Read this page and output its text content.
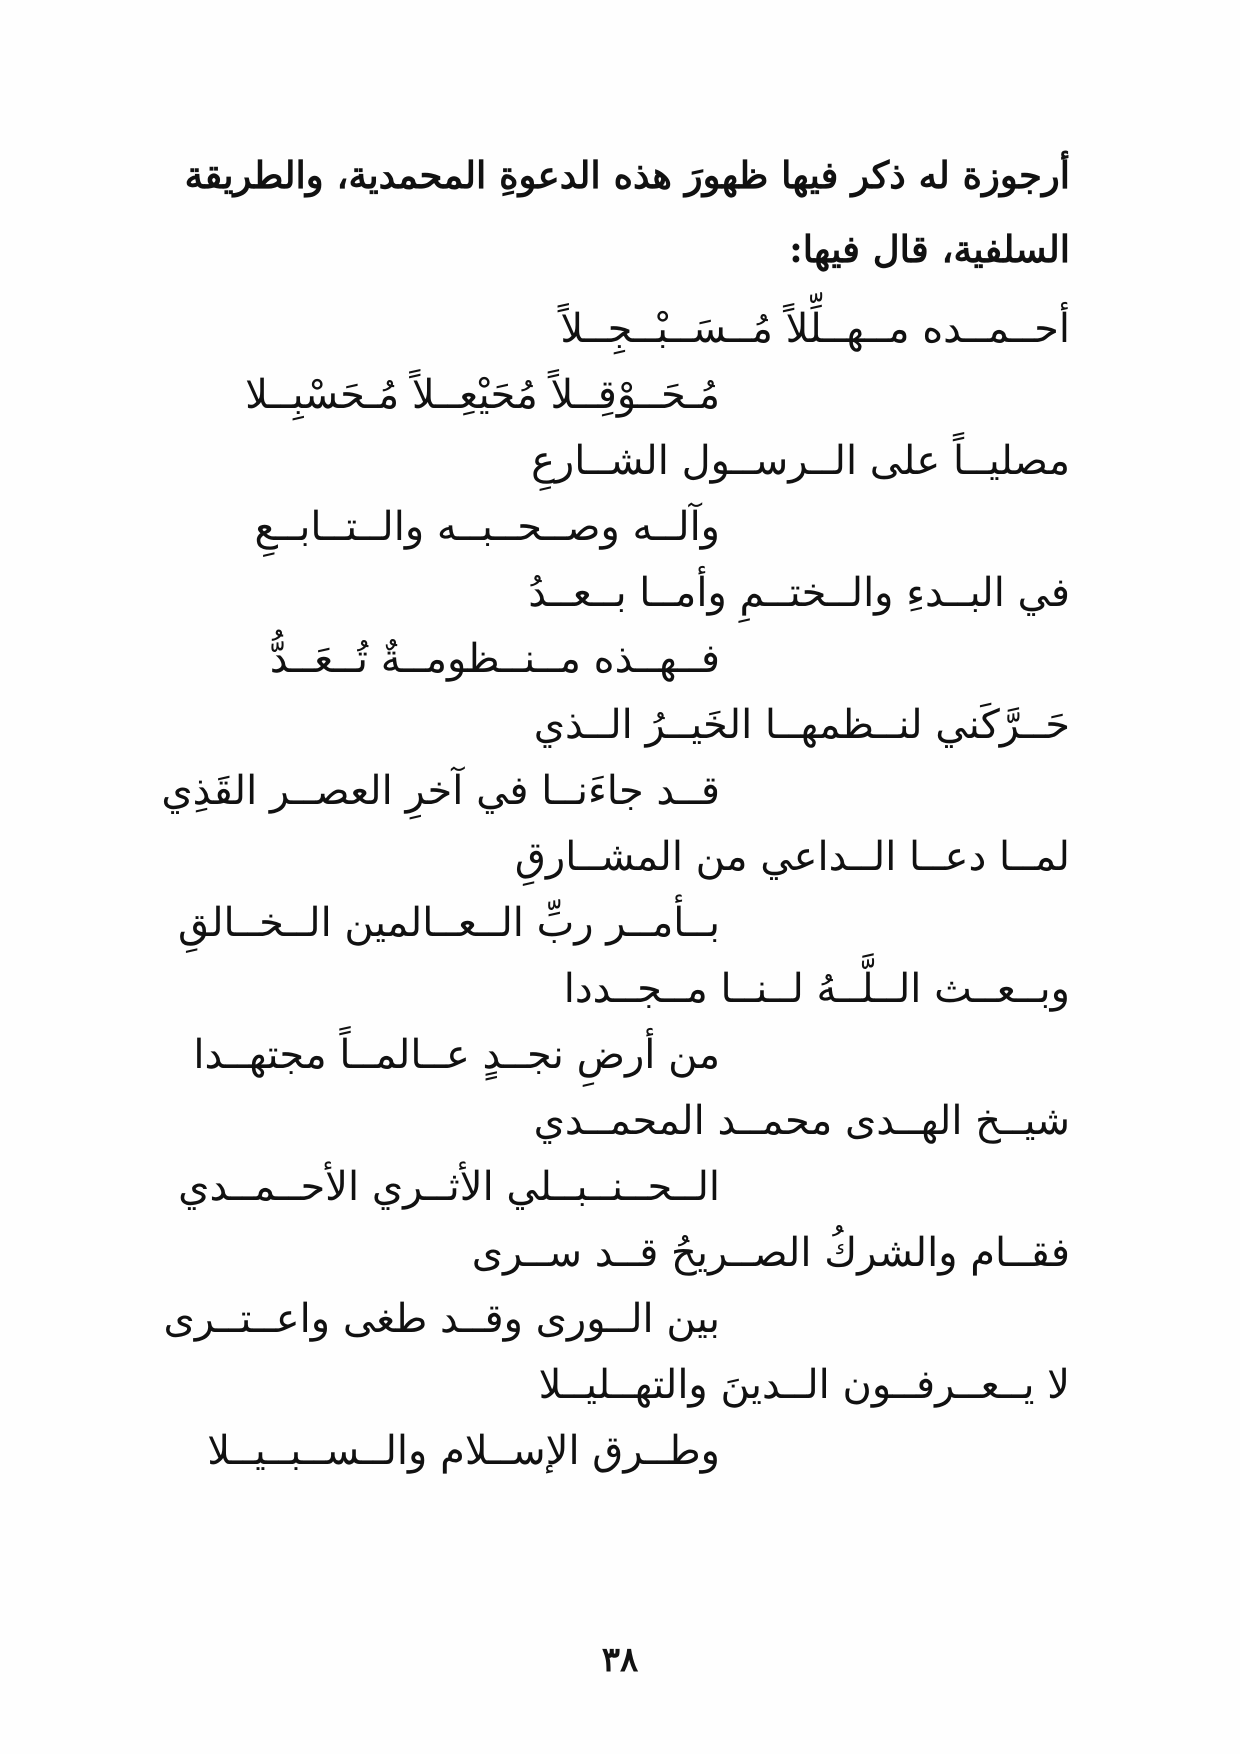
أرجوزة له ذكر فيها ظهورَ هذه الدعوةِ المحمدية، والطريقة السلفية، قال فيها:

أحــمــده مــهــلِّلاً مُــسَــبْــجِــلاً
مُـحَــوْقِــلاً مُحَيْعِــلاً مُـحَسْبِــلا
مصليــاً على الــرســول الشــارعِ
وآلــه وصــحــبــه والــتــابــعِ
في البــدءِ والــختــمِ وأمــا بــعــدُ
فــهــذه مــنــظومــةٌ تُــعَــدُّ
حَــرَّكَني لنــظمهــا الخَيــرُ الــذي
قــد جاءَنــا في آخرِ العصــر القَذِي
لمــا دعــا الــداعي من المشــارقِ
بــأمــر ربِّ الــعــالمين الــخــالقِ
وبــعــث الــلَّــهُ لــنــا مــجــددا
من أرضِ نجــدٍ عــالمــاً مجتهــدا
شيــخ الهــدى محمــد المحمــدي
الــحــنــبــلي الأثــري الأحــمــدي
فقــام والشركُ الصــريحُ قــد ســرى
بين الــورى وقــد طغى واعــتــرى
لا يــعــرفــون الــدينَ والتهــليــلا
وطــرق الإســلام والــســبــيــلا
٣٨
